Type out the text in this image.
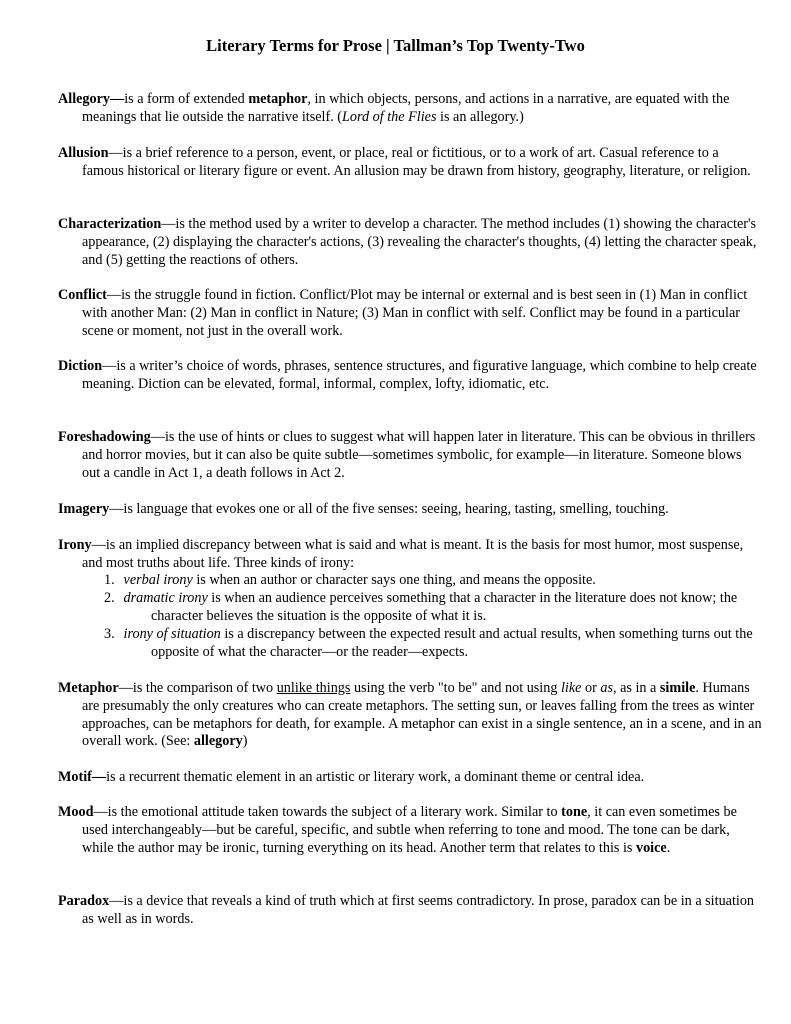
Literary Terms for Prose | Tallman’s Top Twenty-Two
Allegory—is a form of extended metaphor, in which objects, persons, and actions in a narrative, are equated with the meanings that lie outside the narrative itself. (Lord of the Flies is an allegory.)
Allusion—is a brief reference to a person, event, or place, real or fictitious, or to a work of art. Casual reference to a famous historical or literary figure or event. An allusion may be drawn from history, geography, literature, or religion.
Characterization—is the method used by a writer to develop a character. The method includes (1) showing the character's appearance, (2) displaying the character's actions, (3) revealing the character's thoughts, (4) letting the character speak, and (5) getting the reactions of others.
Conflict—is the struggle found in fiction. Conflict/Plot may be internal or external and is best seen in (1) Man in conflict with another Man: (2) Man in conflict in Nature; (3) Man in conflict with self. Conflict may be found in a particular scene or moment, not just in the overall work.
Diction—is a writer’s choice of words, phrases, sentence structures, and figurative language, which combine to help create meaning. Diction can be elevated, formal, informal, complex, lofty, idiomatic, etc.
Foreshadowing—is the use of hints or clues to suggest what will happen later in literature. This can be obvious in thrillers and horror movies, but it can also be quite subtle—sometimes symbolic, for example—in literature. Someone blows out a candle in Act 1, a death follows in Act 2.
Imagery—is language that evokes one or all of the five senses: seeing, hearing, tasting, smelling, touching.
Irony—is an implied discrepancy between what is said and what is meant. It is the basis for most humor, most suspense, and most truths about life. Three kinds of irony:
1. verbal irony is when an author or character says one thing, and means the opposite.
2. dramatic irony is when an audience perceives something that a character in the literature does not know; the character believes the situation is the opposite of what it is.
3. irony of situation is a discrepancy between the expected result and actual results, when something turns out the opposite of what the character—or the reader—expects.
Metaphor—is the comparison of two unlike things using the verb "to be" and not using like or as, as in a simile. Humans are presumably the only creatures who can create metaphors. The setting sun, or leaves falling from the trees as winter approaches, can be metaphors for death, for example. A metaphor can exist in a single sentence, an in a scene, and in an overall work. (See: allegory)
Motif—is a recurrent thematic element in an artistic or literary work, a dominant theme or central idea.
Mood—is the emotional attitude taken towards the subject of a literary work. Similar to tone, it can even sometimes be used interchangeably—but be careful, specific, and subtle when referring to tone and mood. The tone can be dark, while the author may be ironic, turning everything on its head. Another term that relates to this is voice.
Paradox—is a device that reveals a kind of truth which at first seems contradictory. In prose, paradox can be in a situation as well as in words.
